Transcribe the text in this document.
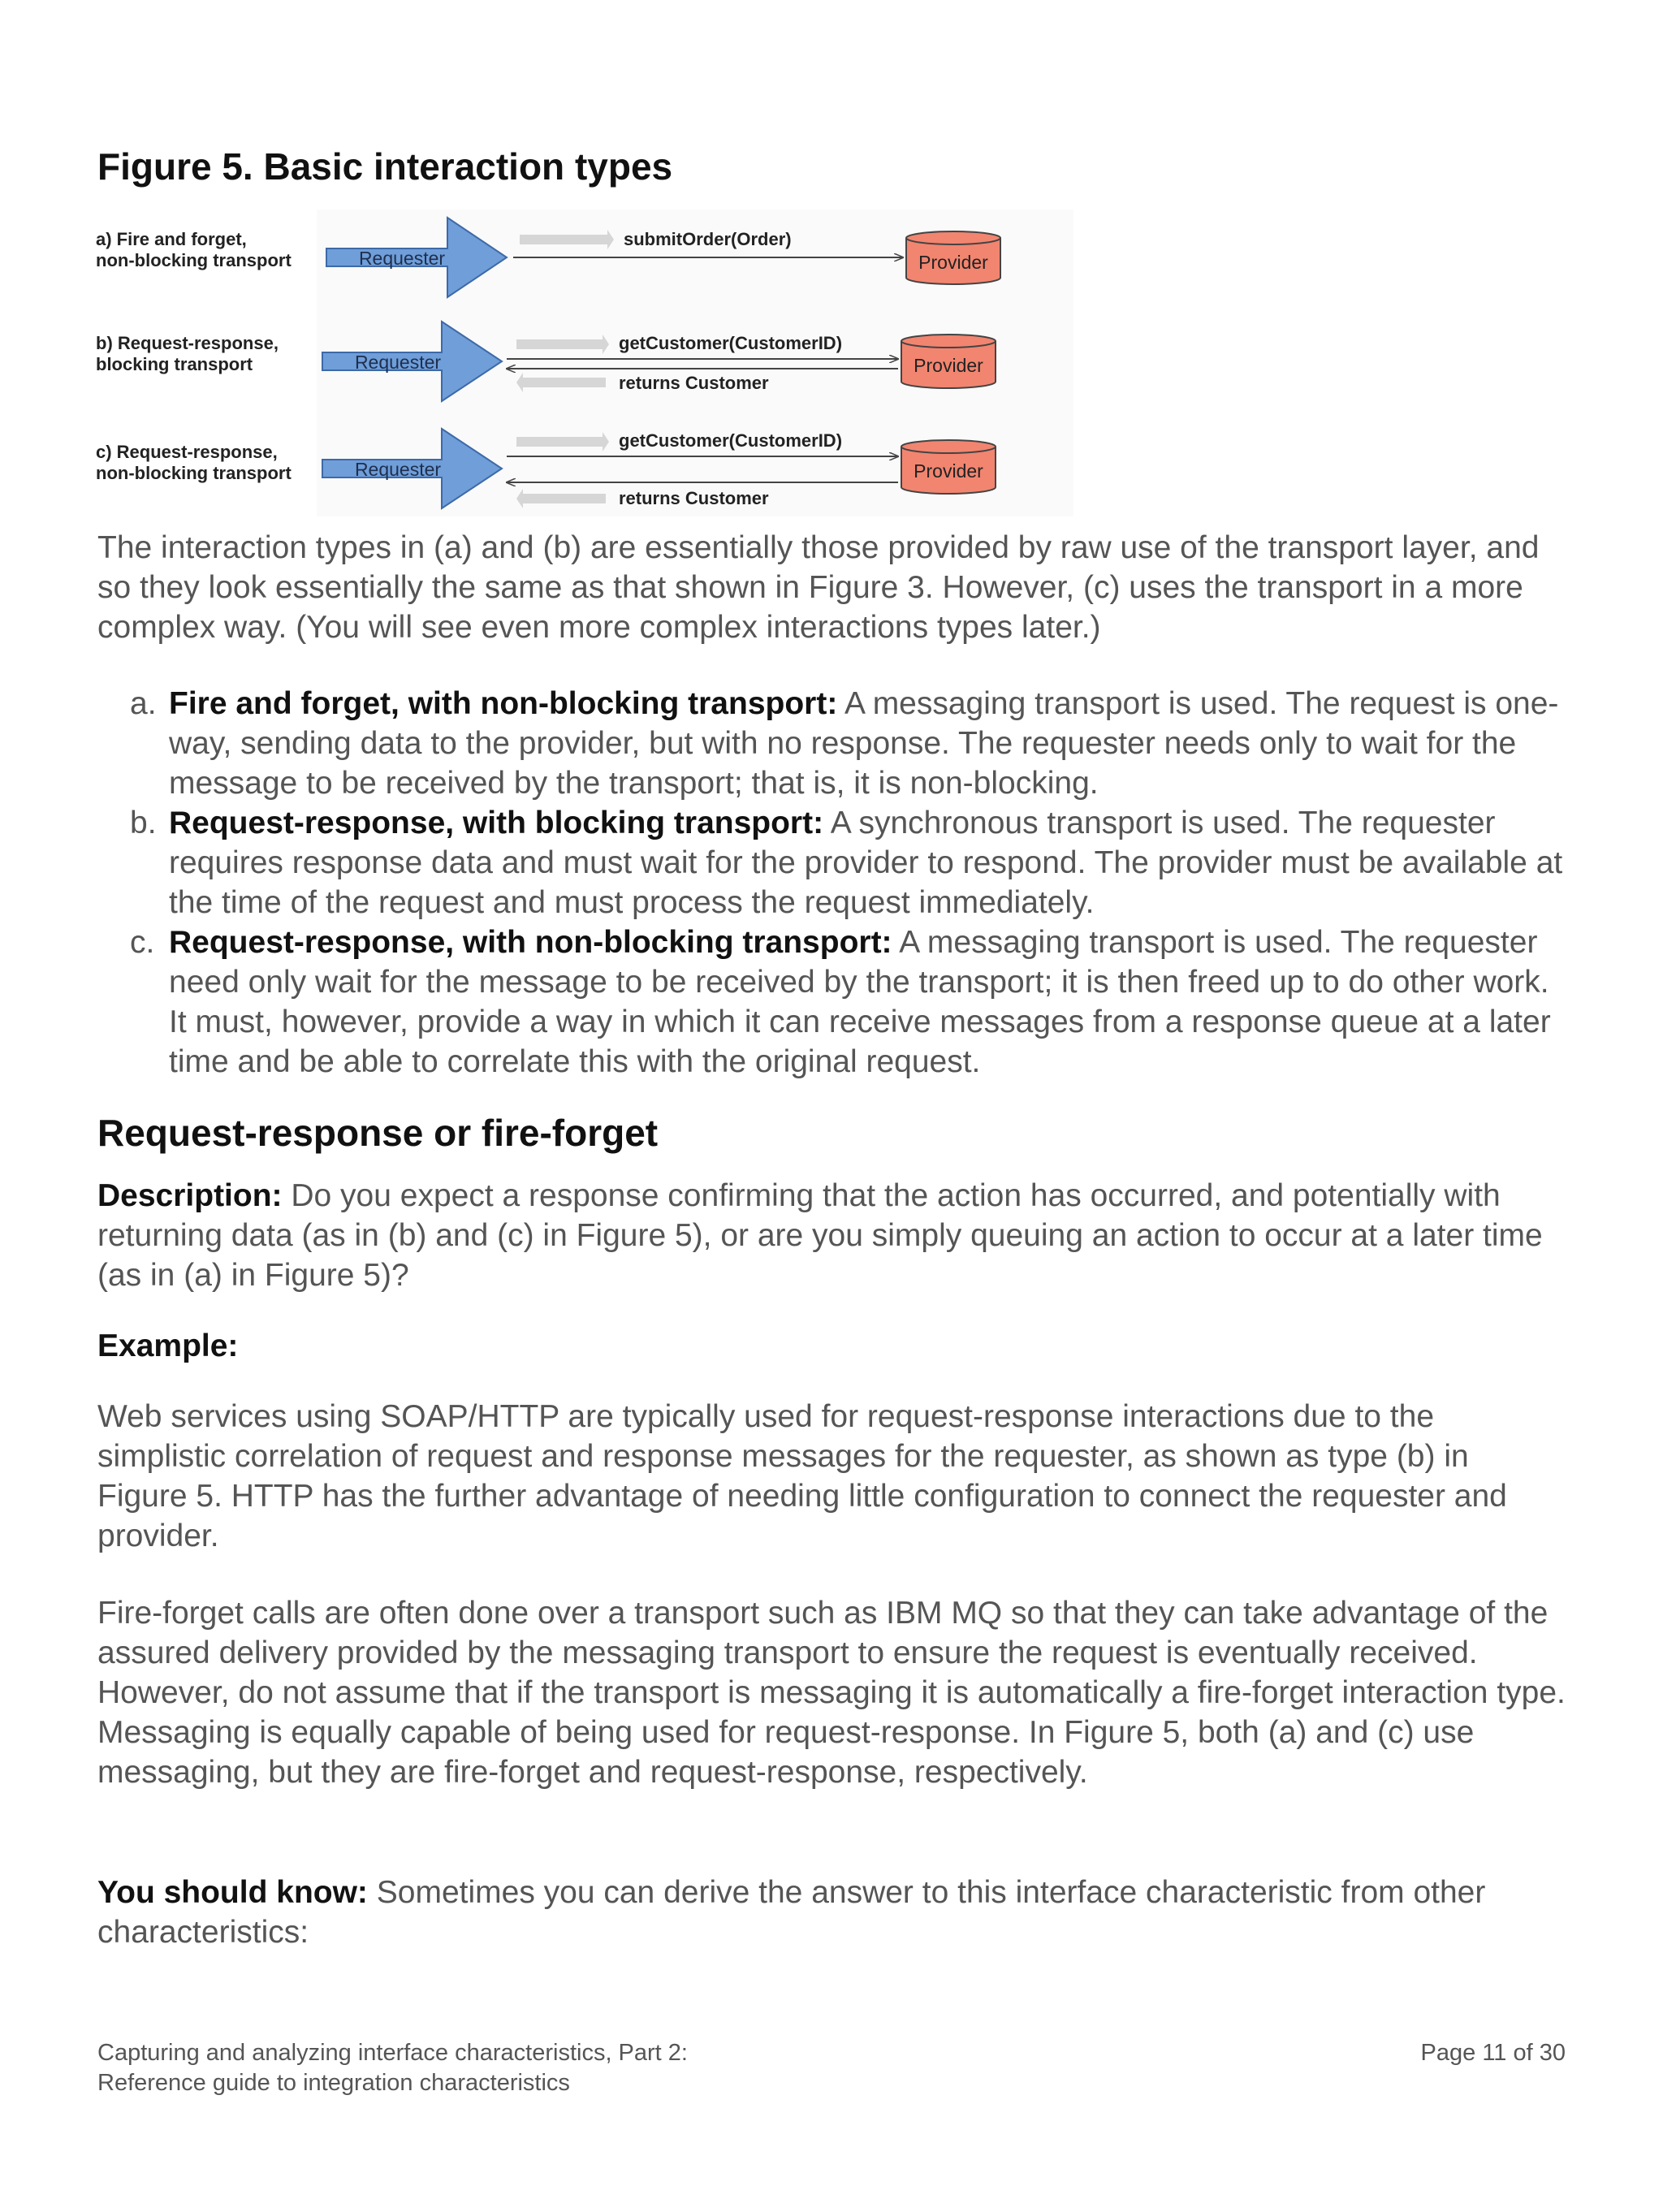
Figure 5. Basic interaction types
a) Fire and forget,
non-blocking transport	Requester
submitOrder(Order)
Provider
b) Request-response,
blocking transport	Requester
getCustomer(CustomerID)
returns Customer
Provider
c) Request-response,
non-blocking transport	Requester
getCustomer(CustomerID)
returns Customer
Provider

The interaction types in (a) and (b) are essentially those provided by raw use of the transport layer, and so they look essentially the same as that shown in Figure 3. However, (c) uses the transport in a more complex way. (You will see even more complex interactions types later.)

a. Fire and forget, with non-blocking transport: A messaging transport is used. The request is one-way, sending data to the provider, but with no response. The requester needs only to wait for the message to be received by the transport; that is, it is non-blocking.
b. Request-response, with blocking transport: A synchronous transport is used. The requester requires response data and must wait for the provider to respond. The provider must be available at the time of the request and must process the request immediately.
c. Request-response, with non-blocking transport: A messaging transport is used. The requester need only wait for the message to be received by the transport; it is then freed up to do other work. It must, however, provide a way in which it can receive messages from a response queue at a later time and be able to correlate this with the original request.
Request-response or fire-forget

Description: Do you expect a response confirming that the action has occurred, and potentially with returning data (as in (b) and (c) in Figure 5), or are you simply queuing an action to occur at a later time (as in (a) in Figure 5)?

Example:

Web services using SOAP/HTTP are typically used for request-response interactions due to the simplistic correlation of request and response messages for the requester, as shown as type (b) in Figure 5. HTTP has the further advantage of needing little configuration to connect the requester and provider.

Fire-forget calls are often done over a transport such as IBM MQ so that they can take advantage of the assured delivery provided by the messaging transport to ensure the request is eventually received. However, do not assume that if the transport is messaging it is automatically a fire-forget interaction type. Messaging is equally capable of being used for request-response. In Figure 5, both (a) and (c) use messaging, but they are fire-forget and request-response, respectively.

You should know: Sometimes you can derive the answer to this interface characteristic from other characteristics:

Capturing and analyzing interface characteristics, Part 2:
Reference guide to integration characteristics
Page 11 of 30
